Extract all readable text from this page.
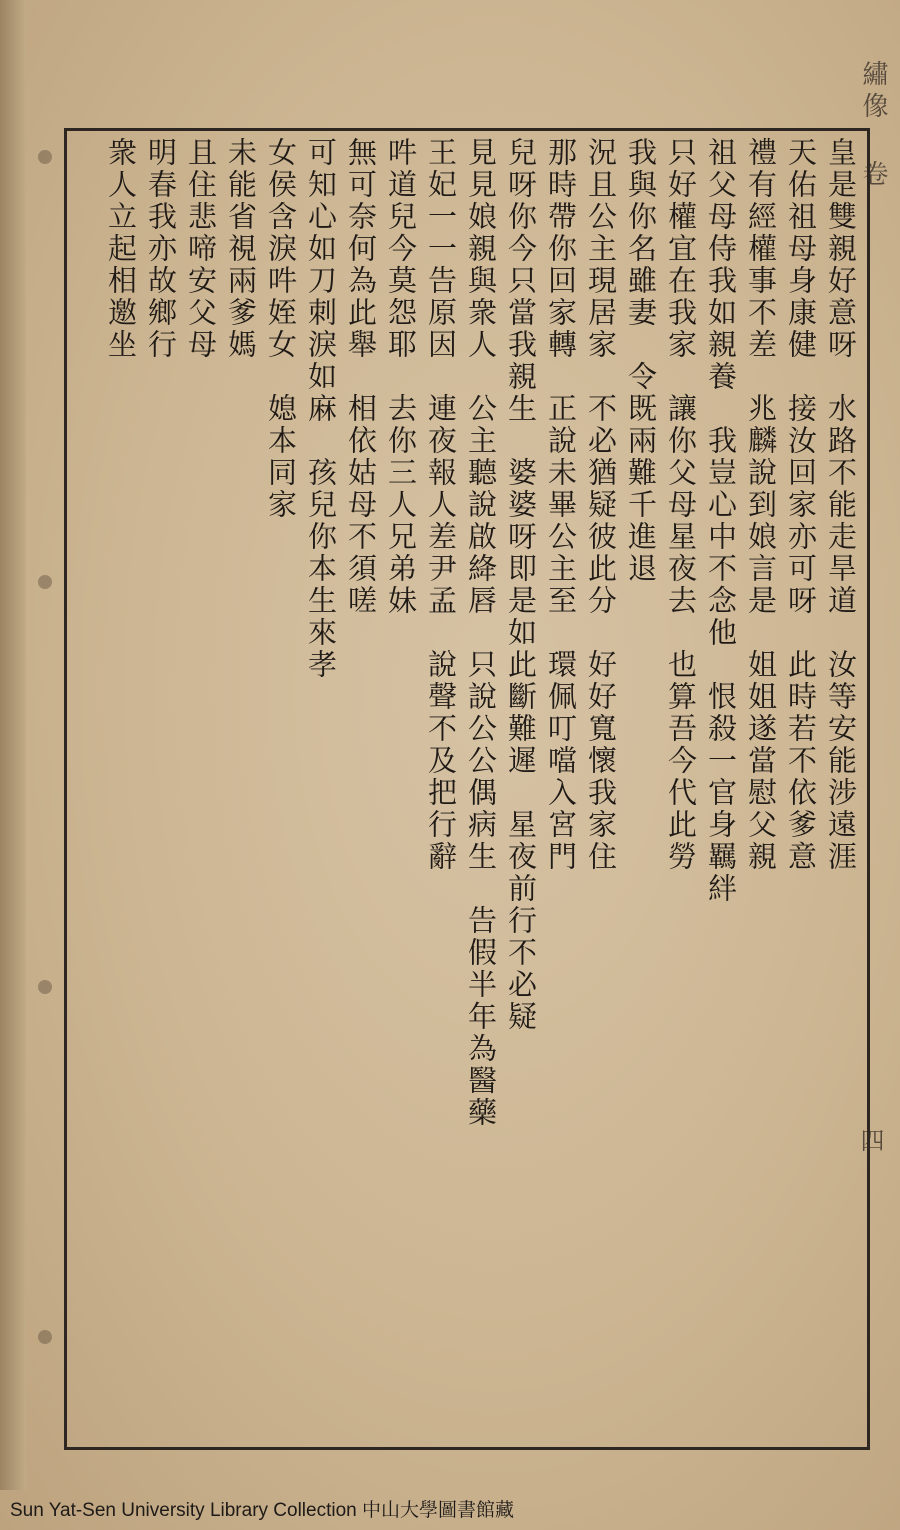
繡像 卷
四
皇是雙親好意呀　水路不能走旱道　汝等安能涉遠涯
天佑祖母身康健　接汝回家亦可呀　此時若不依爹意
禮有經權事不差　兆麟說到娘言是　姐姐遂當慰父親
祖父母侍我如親養　我豈心中不念他　恨殺一官身羈絆
只好權宜在我家　讓你父母星夜去　也算吾今代此勞
我與你名雖妻　令既兩難千進退
況且公主現居家　不必猶疑彼此分　好好寬懷我家住
那時帶你回家轉　正說未畢公主至　環佩叮噹入宮門
兒呀你今只當我親生　婆婆呀即是如此斷難遲　星夜前行不必疑
見見娘親與衆人　公主聽說啟絳唇　只說公公偶病生　告假半年為醫藥
王妃一一告原因　連夜報人差尹孟　說聲不及把行辭
吽道兒今莫怨耶　去你三人兄弟妹
無可奈何為此舉　相依姑母不須嗟
可知心如刀刺淚如麻　孩兒你本生來孝
女侯含淚吽姪女　媳本同家
未能省視兩爹媽
且住悲啼安父母
明春我亦故鄉行
衆人立起相邀坐
Sun Yat-Sen University Library Collection 中山大學圖書館藏
